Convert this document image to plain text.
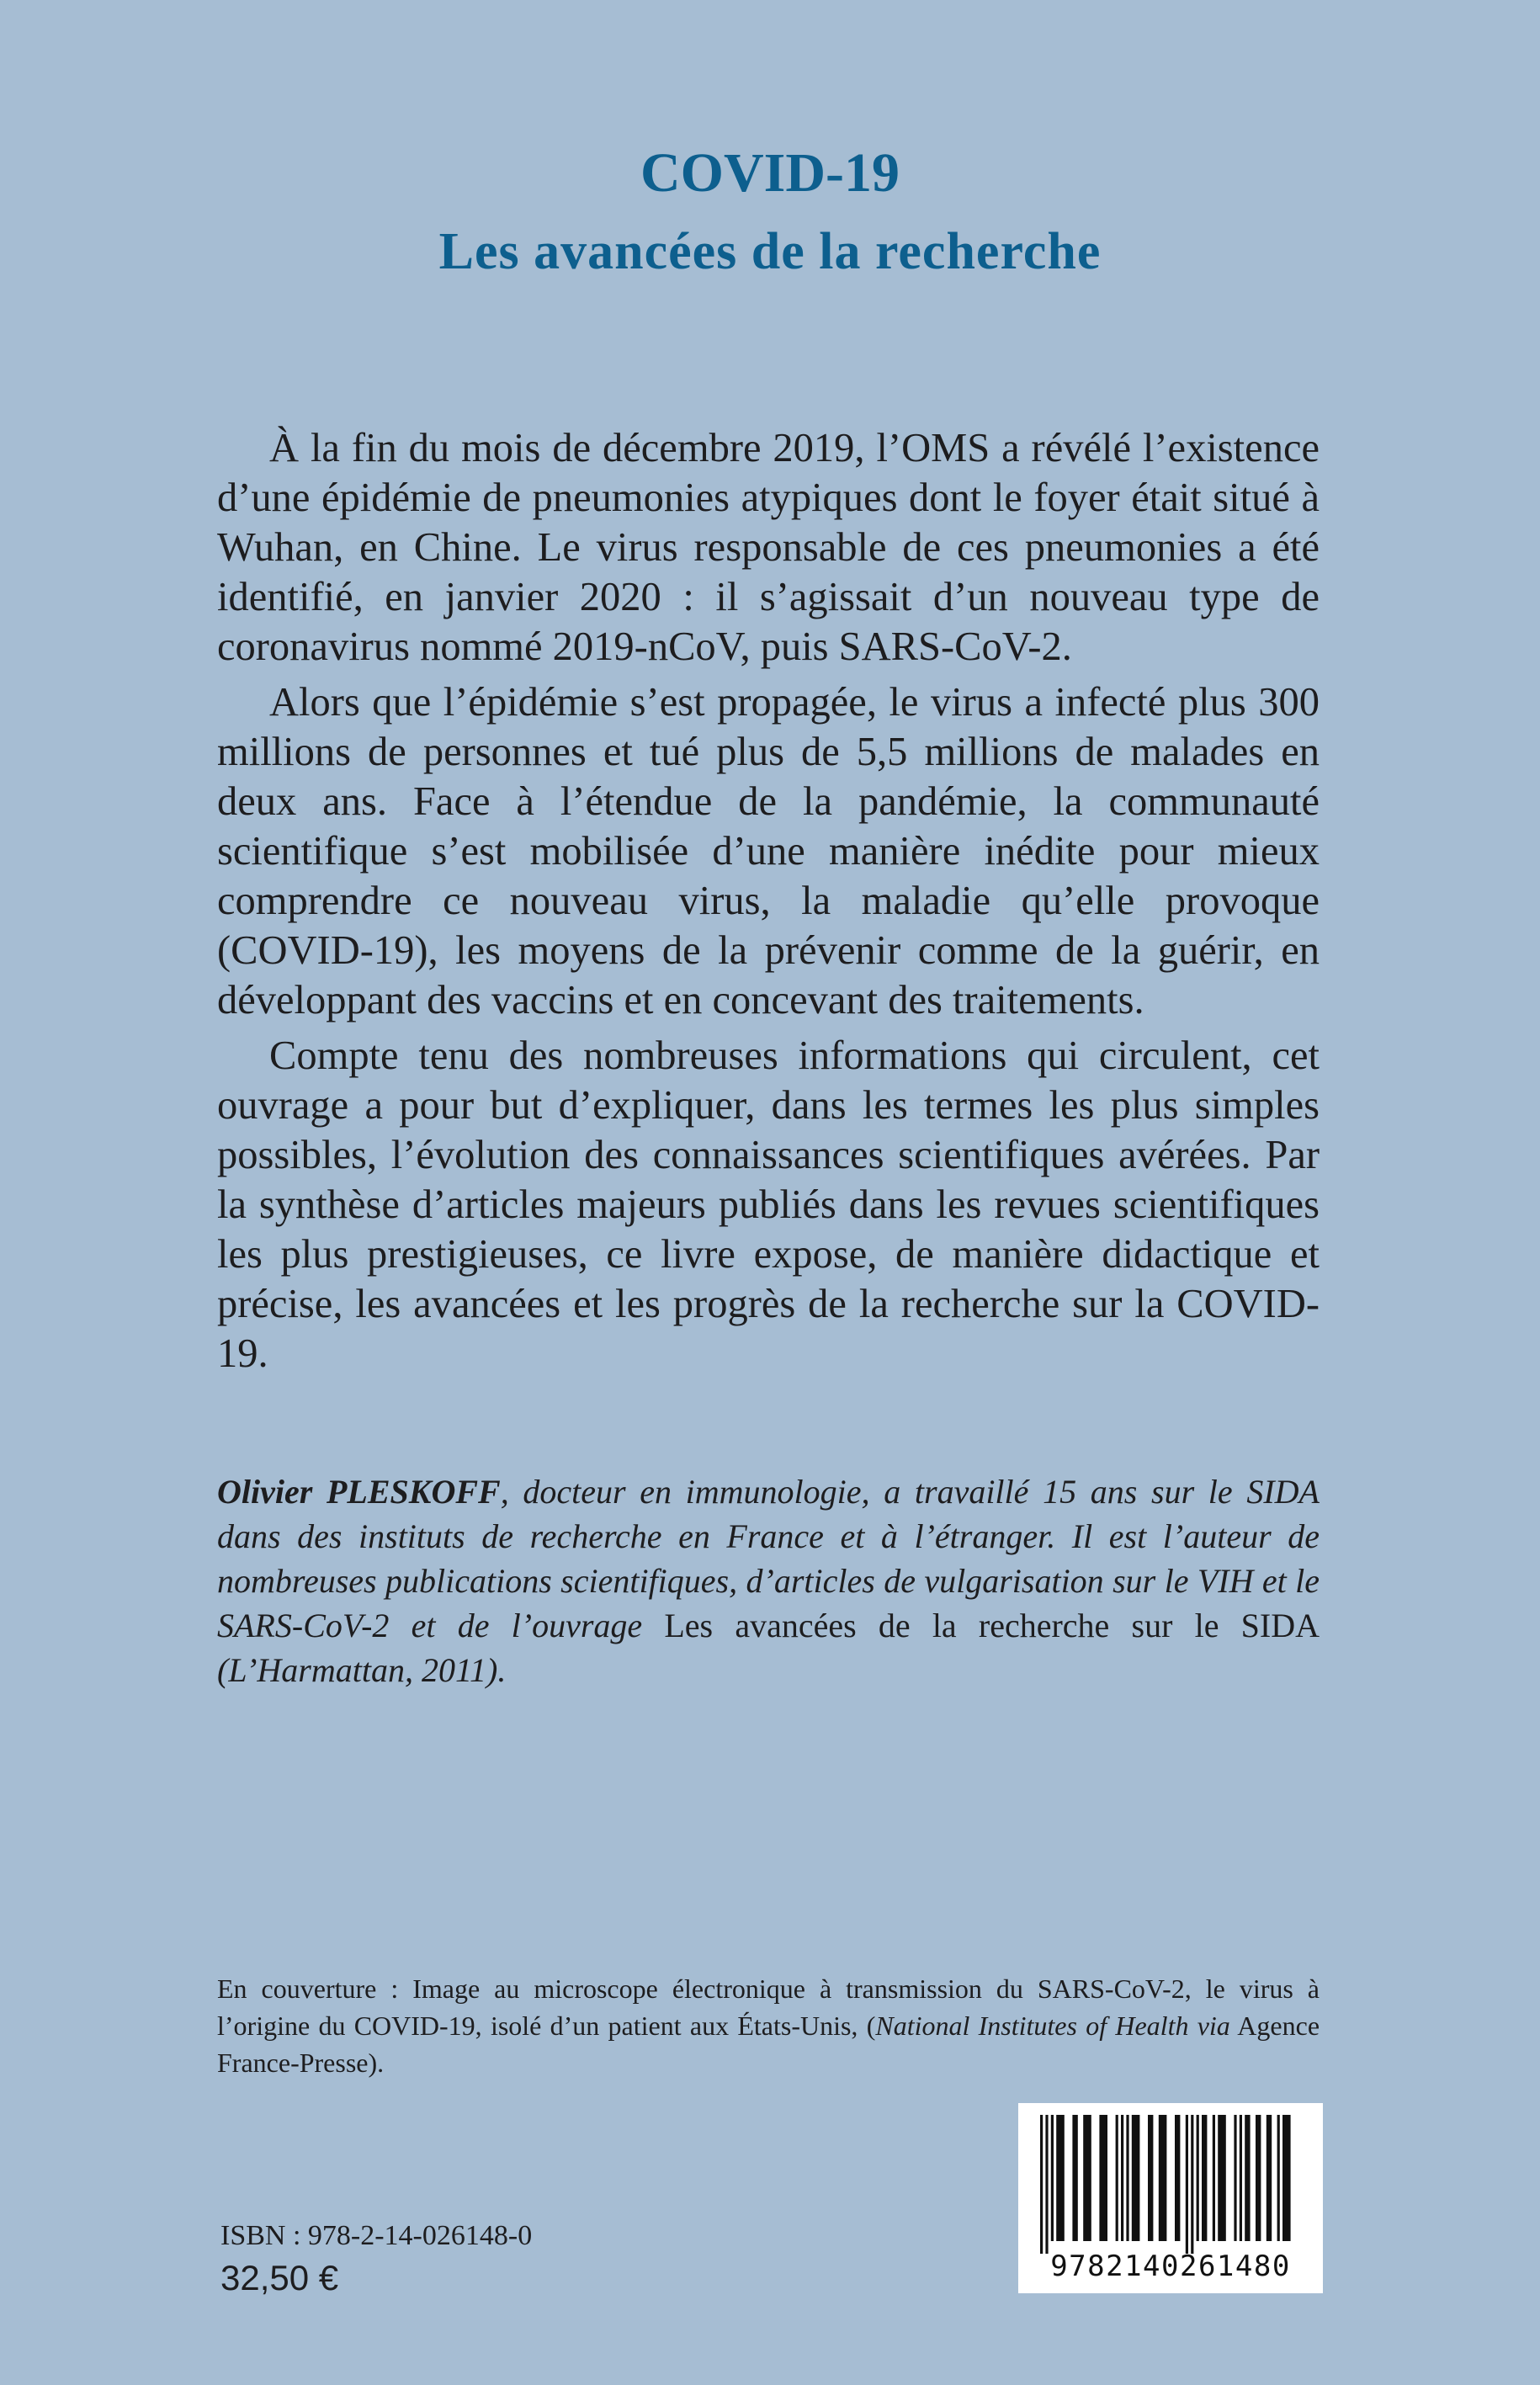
COVID-19
Les avancées de la recherche

À la fin du mois de décembre 2019, l’OMS a révélé l’existence d’une épidémie de pneumonies atypiques dont le foyer était situé à Wuhan, en Chine. Le virus responsable de ces pneumonies a été identifié, en janvier 2020 : il s’agissait d’un nouveau type de coronavirus nommé 2019-nCoV, puis SARS-CoV-2.

Alors que l’épidémie s’est propagée, le virus a infecté plus 300 millions de personnes et tué plus de 5,5 millions de malades en deux ans. Face à l’étendue de la pandémie, la communauté scientifique s’est mobilisée d’une manière inédite pour mieux comprendre ce nouveau virus, la maladie qu’elle provoque (COVID-19), les moyens de la prévenir comme de la guérir, en développant des vaccins et en concevant des traitements.

Compte tenu des nombreuses informations qui circulent, cet ouvrage a pour but d’expliquer, dans les termes les plus simples possibles, l’évolution des connaissances scientifiques avérées. Par la synthèse d’articles majeurs publiés dans les revues scientifiques les plus prestigieuses, ce livre expose, de manière didactique et précise, les avancées et les progrès de la recherche sur la COVID-19.

Olivier PLESKOFF, docteur en immunologie, a travaillé 15 ans sur le SIDA dans des instituts de recherche en France et à l’étranger. Il est l’auteur de nombreuses publications scientifiques, d’articles de vulgarisation sur le VIH et le SARS-CoV-2 et de l’ouvrage Les avancées de la recherche sur le SIDA (L’Harmattan, 2011).
En couverture : Image au microscope électronique à transmission du SARS-CoV-2, le virus à l’origine du COVID-19, isolé d’un patient aux États-Unis, (National Institutes of Health via Agence France-Presse).
ISBN : 978-2-14-026148-0
32,50 €	9782140261480
